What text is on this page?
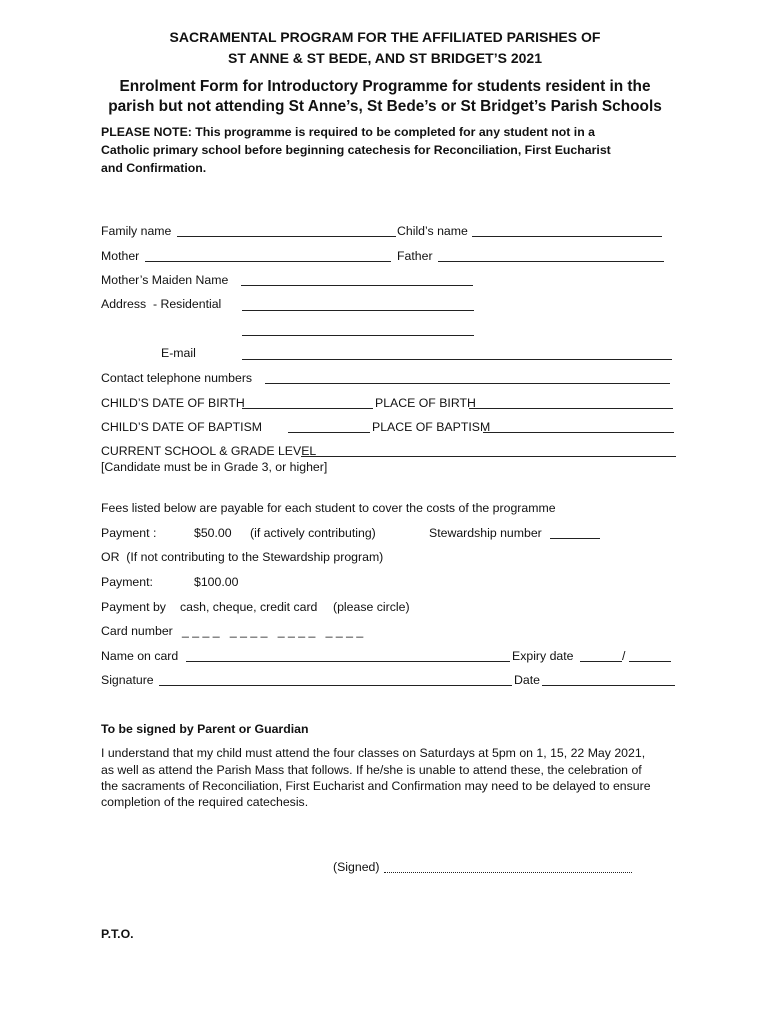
SACRAMENTAL PROGRAM FOR THE AFFILIATED PARISHES OF
ST ANNE & ST BEDE, AND ST BRIDGET’S 2021
Enrolment Form for Introductory Programme for students resident in the
parish but not attending St Anne’s, St Bede’s or St Bridget’s Parish Schools
PLEASE NOTE: This programme is required to be completed for any student not in a
Catholic primary school before beginning catechesis for Reconciliation, First Eucharist
and Confirmation.
Family name	Child’s name
Mother	Father
Mother’s Maiden Name
Address  - Residential
E-mail
Contact telephone numbers
CHILD’S DATE OF BIRTH	PLACE OF BIRTH
CHILD’S DATE OF BAPTISM	PLACE OF BAPTISM
CURRENT SCHOOL & GRADE LEVEL
[Candidate must be in Grade 3, or higher]
Fees listed below are payable for each student to cover the costs of the programme
Payment :	$50.00 (if actively contributing)	Stewardship number
OR  (If not contributing to the Stewardship program)
Payment:	$100.00
Payment by cash, cheque, credit card (please circle)
Card number _ _ _ _   _ _ _ _   _ _ _ _   _ _ _ _
Name on card	Expiry date	/
Signature	Date
To be signed by Parent or Guardian
I understand that my child must attend the four classes on Saturdays at 5pm on 1, 15, 22 May 2021,
as well as attend the Parish Mass that follows. If he/she is unable to attend these, the celebration of
the sacraments of Reconciliation, First Eucharist and Confirmation may need to be delayed to ensure
completion of the required catechesis.
(Signed)
P.T.O.
